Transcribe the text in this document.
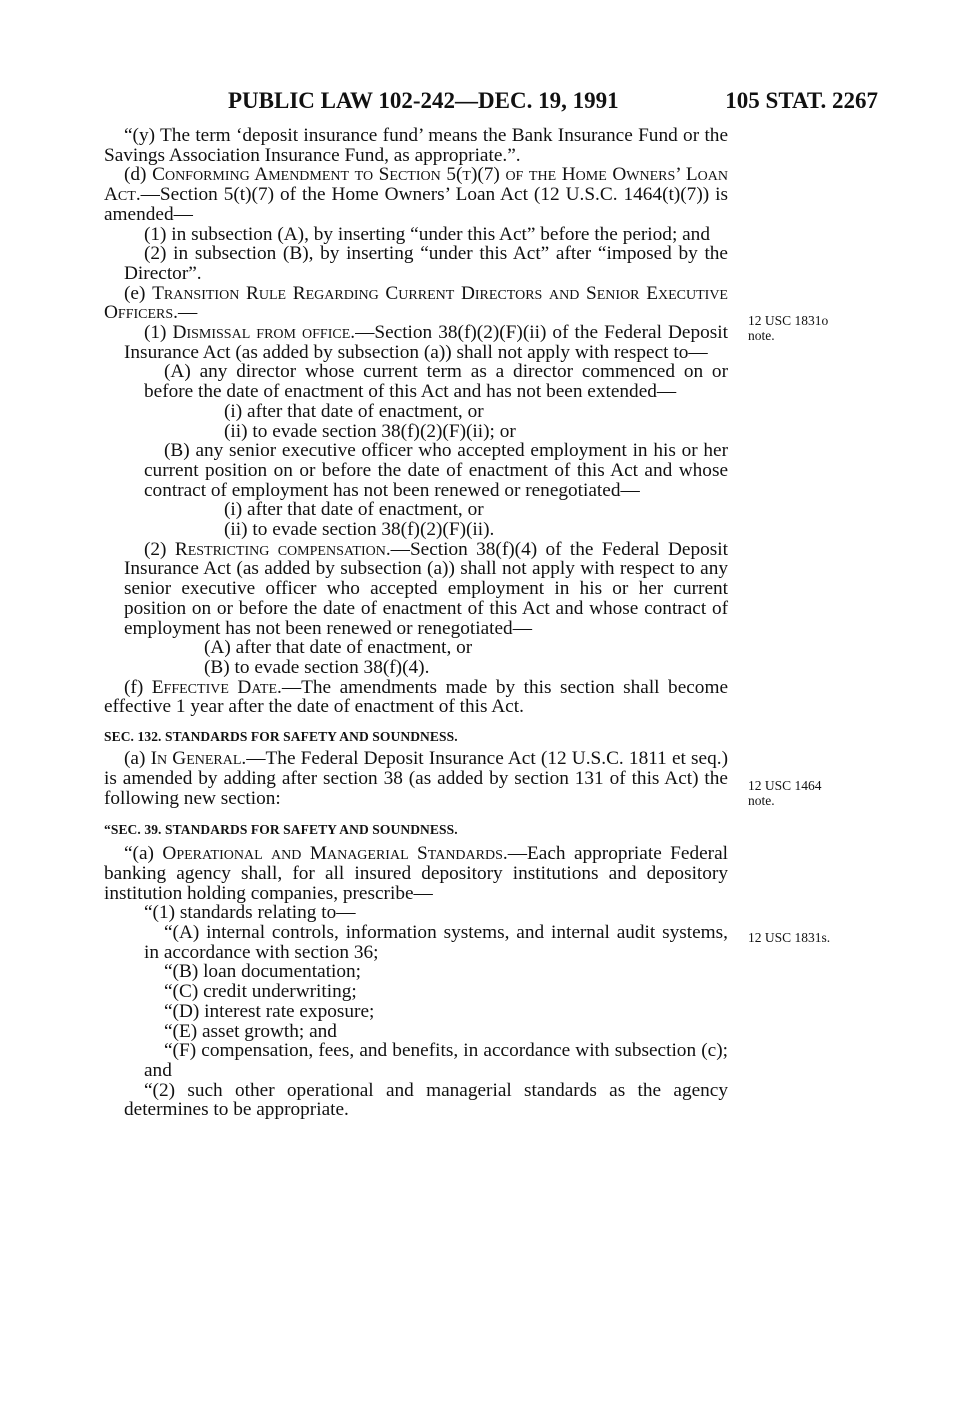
PUBLIC LAW 102-242—DEC. 19, 1991	105 STAT. 2267

“(y) The term ‘deposit insurance fund’ means the Bank Insurance Fund or the Savings Association Insurance Fund, as appropriate.”.

(d) Conforming Amendment to Section 5(t)(7) of the Home Owners’ Loan Act.—Section 5(t)(7) of the Home Owners’ Loan Act (12 U.S.C. 1464(t)(7)) is amended—

(1) in subsection (A), by inserting “under this Act” before the period; and

(2) in subsection (B), by inserting “under this Act” after “imposed by the Director”.

(e) Transition Rule Regarding Current Directors and Senior Executive Officers.—

(1) Dismissal from office.—Section 38(f)(2)(F)(ii) of the Federal Deposit Insurance Act (as added by subsection (a)) shall not apply with respect to—

(A) any director whose current term as a director commenced on or before the date of enactment of this Act and has not been extended—

(i) after that date of enactment, or

(ii) to evade section 38(f)(2)(F)(ii); or

(B) any senior executive officer who accepted employment in his or her current position on or before the date of enactment of this Act and whose contract of employment has not been renewed or renegotiated—

(i) after that date of enactment, or

(ii) to evade section 38(f)(2)(F)(ii).

(2) Restricting compensation.—Section 38(f)(4) of the Federal Deposit Insurance Act (as added by subsection (a)) shall not apply with respect to any senior executive officer who accepted employment in his or her current position on or before the date of enactment of this Act and whose contract of employment has not been renewed or renegotiated—

(A) after that date of enactment, or

(B) to evade section 38(f)(4).

(f) Effective Date.—The amendments made by this section shall become effective 1 year after the date of enactment of this Act.

SEC. 132. STANDARDS FOR SAFETY AND SOUNDNESS.

(a) In General.—The Federal Deposit Insurance Act (12 U.S.C. 1811 et seq.) is amended by adding after section 38 (as added by section 131 of this Act) the following new section:

“SEC. 39. STANDARDS FOR SAFETY AND SOUNDNESS.

“(a) Operational and Managerial Standards.—Each appropriate Federal banking agency shall, for all insured depository institutions and depository institution holding companies, prescribe—

“(1) standards relating to—

“(A) internal controls, information systems, and internal audit systems, in accordance with section 36;

“(B) loan documentation;

“(C) credit underwriting;

“(D) interest rate exposure;

“(E) asset growth; and

“(F) compensation, fees, and benefits, in accordance with subsection (c); and

“(2) such other operational and managerial standards as the agency determines to be appropriate.

12 USC 1831o
note.
12 USC 1464
note.
12 USC 1831s.
